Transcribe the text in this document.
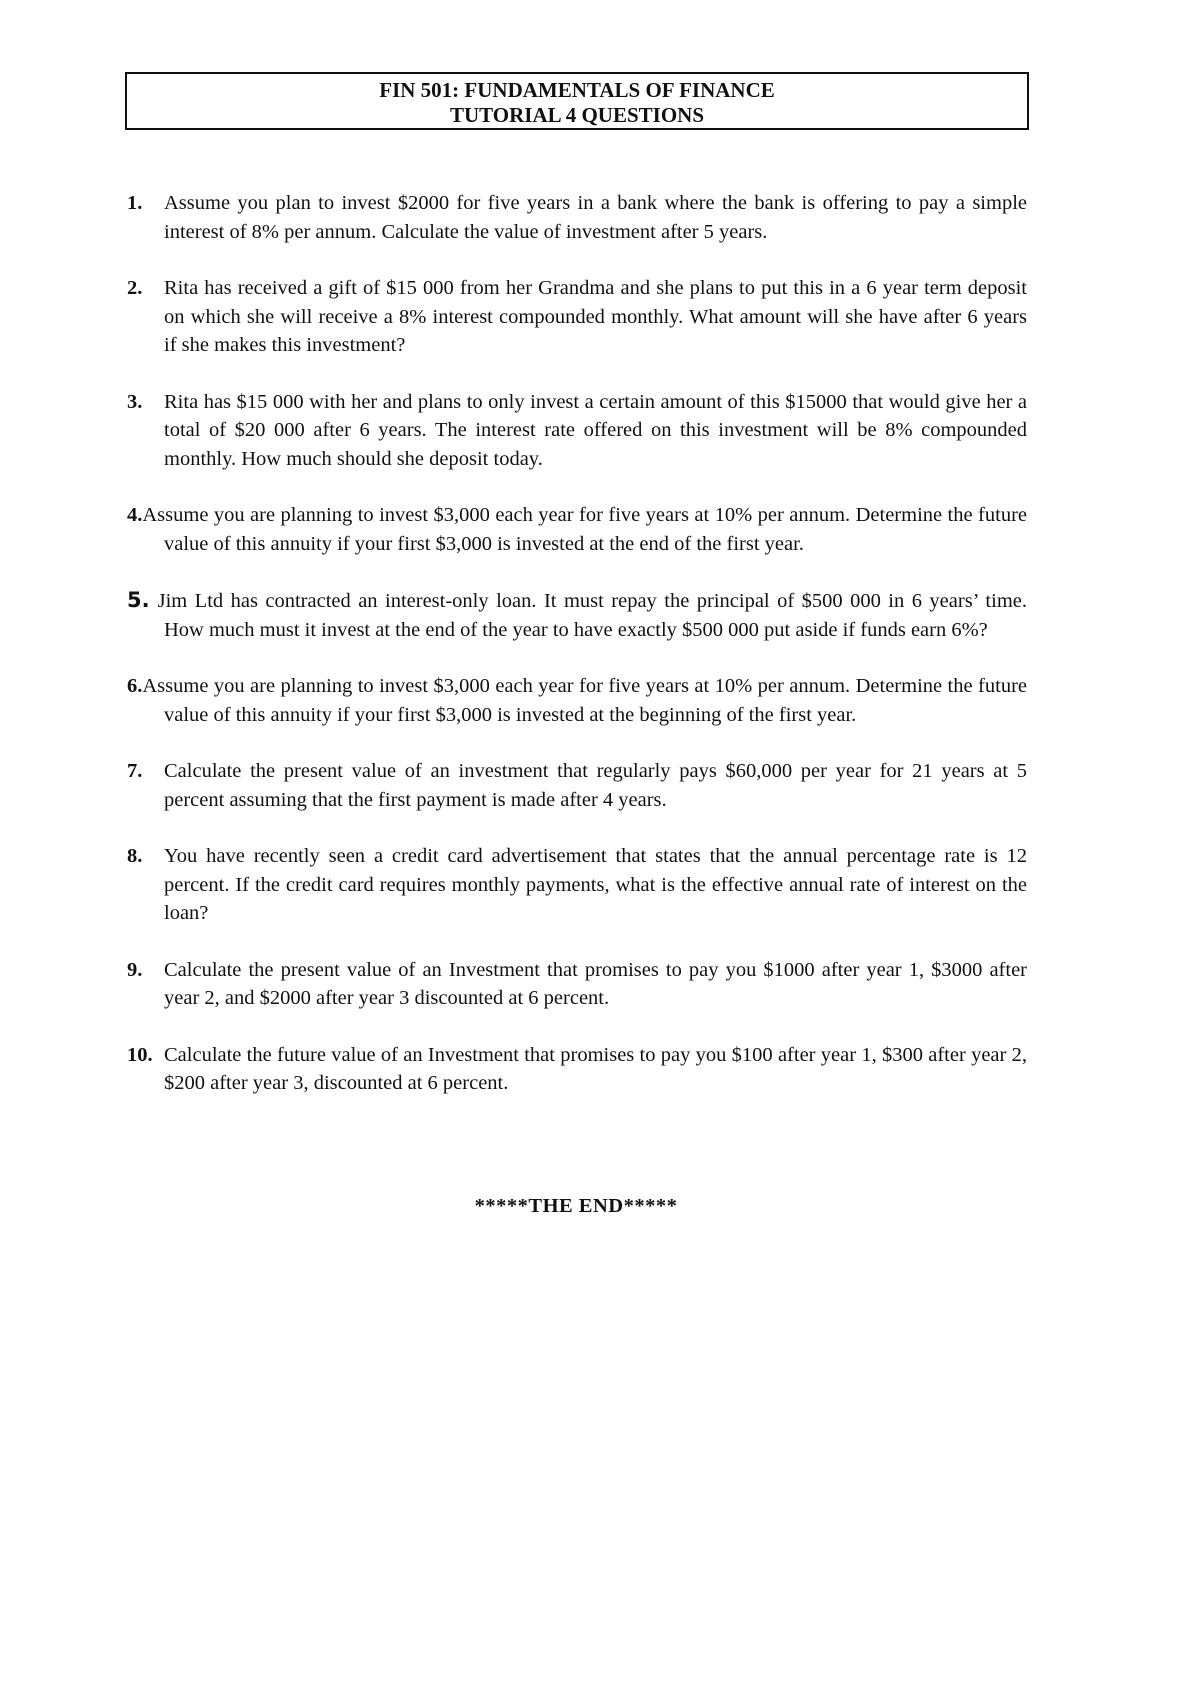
FIN 501: FUNDAMENTALS OF FINANCE
TUTORIAL 4 QUESTIONS
1. Assume you plan to invest $2000 for five years in a bank where the bank is offering to pay a simple interest of 8% per annum. Calculate the value of investment after 5 years.
2. Rita has received a gift of $15 000 from her Grandma and she plans to put this in a 6 year term deposit on which she will receive a 8% interest compounded monthly. What amount will she have after 6 years if she makes this investment?
3. Rita has $15 000 with her and plans to only invest a certain amount of this $15000 that would give her a total of $20 000 after 6 years. The interest rate offered on this investment will be 8% compounded monthly. How much should she deposit today.
4.Assume you are planning to invest $3,000 each year for five years at 10% per annum. Determine the future value of this annuity if your first $3,000 is invested at the end of the first year.
5. Jim Ltd has contracted an interest-only loan. It must repay the principal of $500 000 in 6 years’ time. How much must it invest at the end of the year to have exactly $500 000 put aside if funds earn 6%?
6.Assume you are planning to invest $3,000 each year for five years at 10% per annum. Determine the future value of this annuity if your first $3,000 is invested at the beginning of the first year.
7. Calculate the present value of an investment that regularly pays $60,000 per year for 21 years at 5 percent assuming that the first payment is made after 4 years.
8. You have recently seen a credit card advertisement that states that the annual percentage rate is 12 percent. If the credit card requires monthly payments, what is the effective annual rate of interest on the loan?
9. Calculate the present value of an Investment that promises to pay you $1000 after year 1, $3000 after year 2, and $2000 after year 3 discounted at 6 percent.
10. Calculate the future value of an Investment that promises to pay you $100 after year 1, $300 after year 2, $200 after year 3, discounted at 6 percent.
*****THE END*****
